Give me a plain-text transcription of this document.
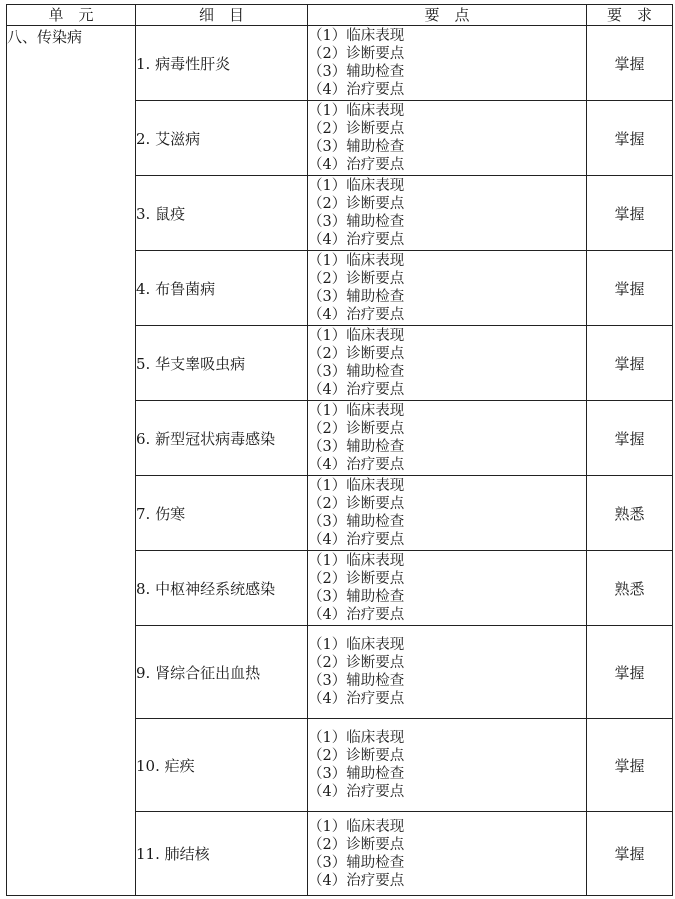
单　元	细　目	要　点	要　求
八、传染病	1. 病毒性肝炎	（1）临床表现
（2）诊断要点
（3）辅助检查
（4）治疗要点	掌握
	2. 艾滋病	（1）临床表现
（2）诊断要点
（3）辅助检查
（4）治疗要点	掌握
	3. 鼠疫	（1）临床表现
（2）诊断要点
（3）辅助检查
（4）治疗要点	掌握
	4. 布鲁菌病	（1）临床表现
（2）诊断要点
（3）辅助检查
（4）治疗要点	掌握
	5. 华支睾吸虫病	（1）临床表现
（2）诊断要点
（3）辅助检查
（4）治疗要点	掌握
	6. 新型冠状病毒感染	（1）临床表现
（2）诊断要点
（3）辅助检查
（4）治疗要点	掌握
	7. 伤寒	（1）临床表现
（2）诊断要点
（3）辅助检查
（4）治疗要点	熟悉
	8. 中枢神经系统感染	（1）临床表现
（2）诊断要点
（3）辅助检查
（4）治疗要点	熟悉
	9. 肾综合征出血热	（1）临床表现
（2）诊断要点
（3）辅助检查
（4）治疗要点	掌握
	10. 疟疾	（1）临床表现
（2）诊断要点
（3）辅助检查
（4）治疗要点	掌握
	11. 肺结核	（1）临床表现
（2）诊断要点
（3）辅助检查
（4）治疗要点	掌握
